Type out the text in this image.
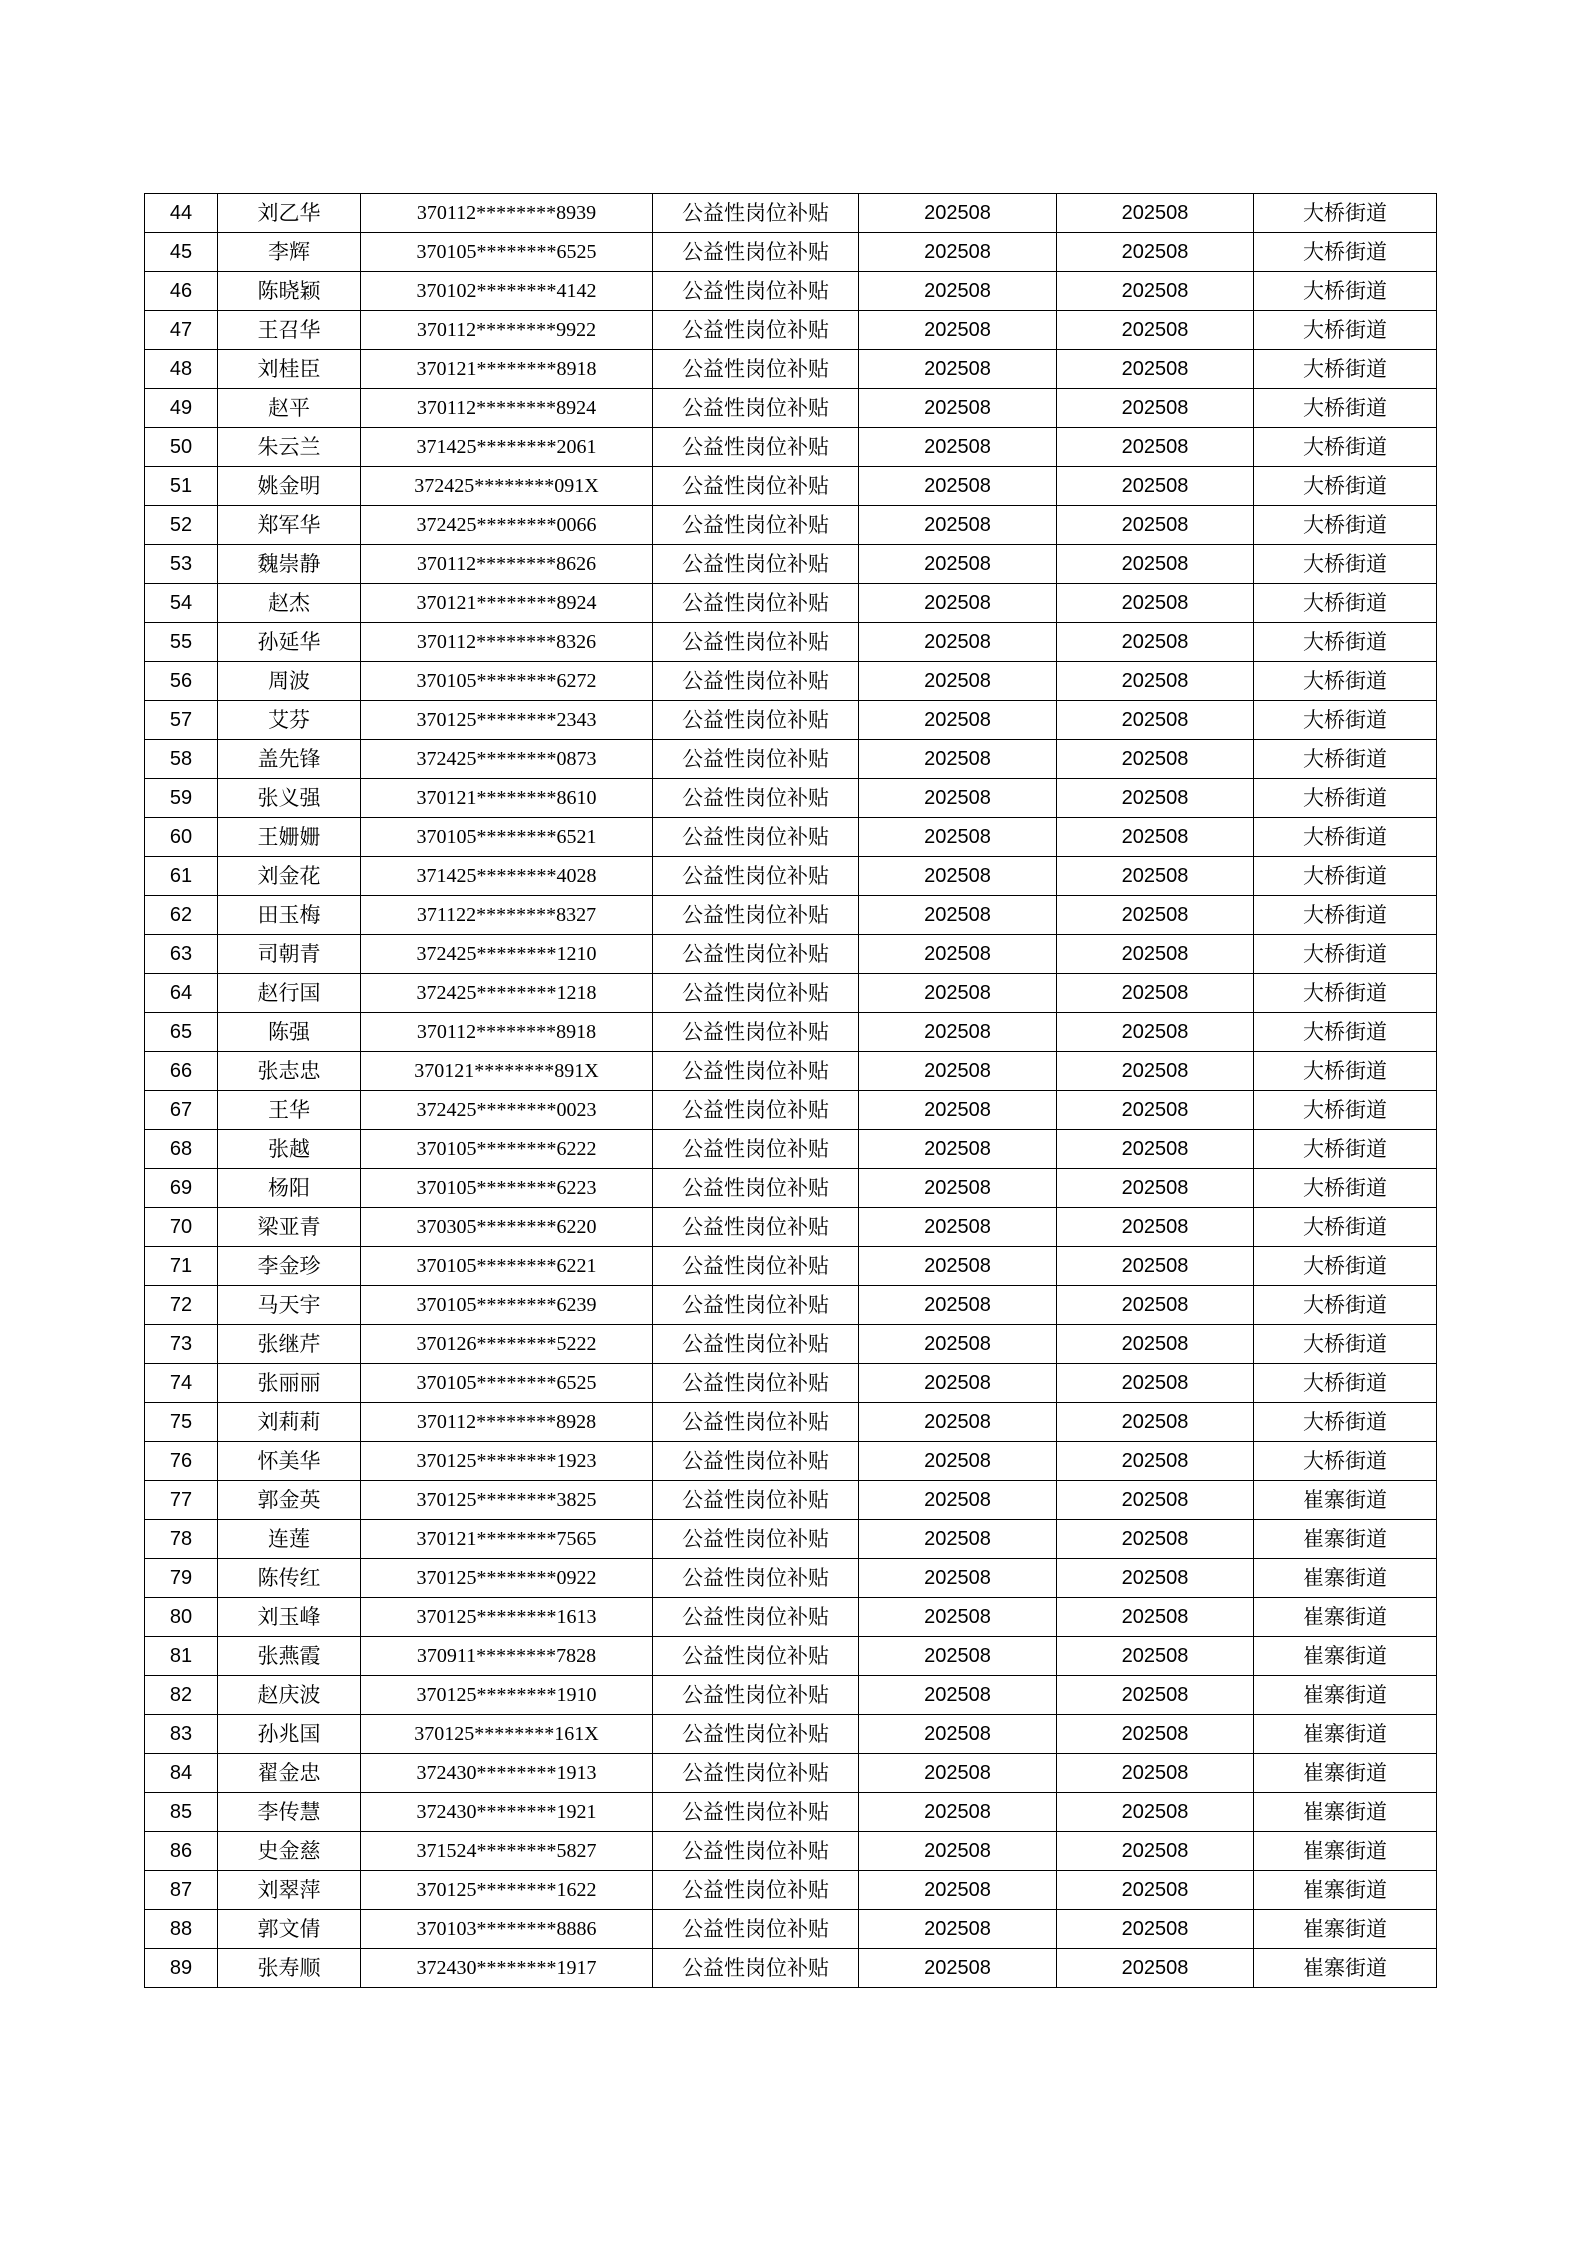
44	刘乙华	370112********8939	公益性岗位补贴	202508	202508	大桥街道
45	李辉	370105********6525	公益性岗位补贴	202508	202508	大桥街道
46	陈晓颖	370102********4142	公益性岗位补贴	202508	202508	大桥街道
47	王召华	370112********9922	公益性岗位补贴	202508	202508	大桥街道
48	刘桂臣	370121********8918	公益性岗位补贴	202508	202508	大桥街道
49	赵平	370112********8924	公益性岗位补贴	202508	202508	大桥街道
50	朱云兰	371425********2061	公益性岗位补贴	202508	202508	大桥街道
51	姚金明	372425********091X	公益性岗位补贴	202508	202508	大桥街道
52	郑军华	372425********0066	公益性岗位补贴	202508	202508	大桥街道
53	魏崇静	370112********8626	公益性岗位补贴	202508	202508	大桥街道
54	赵杰	370121********8924	公益性岗位补贴	202508	202508	大桥街道
55	孙延华	370112********8326	公益性岗位补贴	202508	202508	大桥街道
56	周波	370105********6272	公益性岗位补贴	202508	202508	大桥街道
57	艾芬	370125********2343	公益性岗位补贴	202508	202508	大桥街道
58	盖先锋	372425********0873	公益性岗位补贴	202508	202508	大桥街道
59	张义强	370121********8610	公益性岗位补贴	202508	202508	大桥街道
60	王姗姗	370105********6521	公益性岗位补贴	202508	202508	大桥街道
61	刘金花	371425********4028	公益性岗位补贴	202508	202508	大桥街道
62	田玉梅	371122********8327	公益性岗位补贴	202508	202508	大桥街道
63	司朝青	372425********1210	公益性岗位补贴	202508	202508	大桥街道
64	赵行国	372425********1218	公益性岗位补贴	202508	202508	大桥街道
65	陈强	370112********8918	公益性岗位补贴	202508	202508	大桥街道
66	张志忠	370121********891X	公益性岗位补贴	202508	202508	大桥街道
67	王华	372425********0023	公益性岗位补贴	202508	202508	大桥街道
68	张越	370105********6222	公益性岗位补贴	202508	202508	大桥街道
69	杨阳	370105********6223	公益性岗位补贴	202508	202508	大桥街道
70	梁亚青	370305********6220	公益性岗位补贴	202508	202508	大桥街道
71	李金珍	370105********6221	公益性岗位补贴	202508	202508	大桥街道
72	马天宇	370105********6239	公益性岗位补贴	202508	202508	大桥街道
73	张继芹	370126********5222	公益性岗位补贴	202508	202508	大桥街道
74	张丽丽	370105********6525	公益性岗位补贴	202508	202508	大桥街道
75	刘莉莉	370112********8928	公益性岗位补贴	202508	202508	大桥街道
76	怀美华	370125********1923	公益性岗位补贴	202508	202508	大桥街道
77	郭金英	370125********3825	公益性岗位补贴	202508	202508	崔寨街道
78	连莲	370121********7565	公益性岗位补贴	202508	202508	崔寨街道
79	陈传红	370125********0922	公益性岗位补贴	202508	202508	崔寨街道
80	刘玉峰	370125********1613	公益性岗位补贴	202508	202508	崔寨街道
81	张燕霞	370911********7828	公益性岗位补贴	202508	202508	崔寨街道
82	赵庆波	370125********1910	公益性岗位补贴	202508	202508	崔寨街道
83	孙兆国	370125********161X	公益性岗位补贴	202508	202508	崔寨街道
84	翟金忠	372430********1913	公益性岗位补贴	202508	202508	崔寨街道
85	李传慧	372430********1921	公益性岗位补贴	202508	202508	崔寨街道
86	史金慈	371524********5827	公益性岗位补贴	202508	202508	崔寨街道
87	刘翠萍	370125********1622	公益性岗位补贴	202508	202508	崔寨街道
88	郭文倩	370103********8886	公益性岗位补贴	202508	202508	崔寨街道
89	张寿顺	372430********1917	公益性岗位补贴	202508	202508	崔寨街道
